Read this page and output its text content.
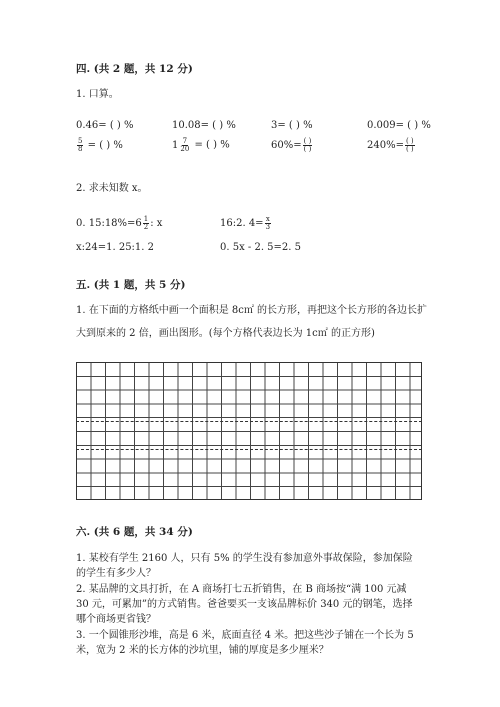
四. (共 2 题，共 12 分)
1. 口算。
0.46= ( ) %	10.08= ( ) %	3= ( ) %	0.009= ( ) %
$\frac{5}{8}$ = ( ) %	$1 \frac{7}{20}$ = ( ) %	$60\%= \frac{( )}{( )}$	$240\%= \frac{( )}{( )}$
2. 求未知数 x。
0. 15:18%=6 $\frac{1}{2}$ : x	16:2. $4= \frac{x}{3}$
x:24=1. 25:1. 2	0. 5x - 2. 5=2. 5
五. (共 1 题，共 5 分)
1. 在下面的方格纸中画一个面积是 8c㎡ 的长方形，再把这个长方形的各边长扩
大到原来的 2 倍，画出图形。(每个方格代表边长为 1c㎡ 的正方形)
六. (共 6 题，共 34 分)
1. 某校有学生 2160 人，只有 5% 的学生没有参加意外事故保险，参加保险的学生有多少人？
2. 某品牌的文具打折，在 A 商场打七五折销售，在 B 商场按“满 100 元减 30 元，可累加”的方式销售。爸爸要买一支该品牌标价 340 元的钢笔，选择哪个商场更省钱？
3. 一个圆锥形沙堆，高是 6 米，底面直径 4 米。把这些沙子铺在一个长为 5 米，宽为 2 米的长方体的沙坑里，铺的厚度是多少厘米？
